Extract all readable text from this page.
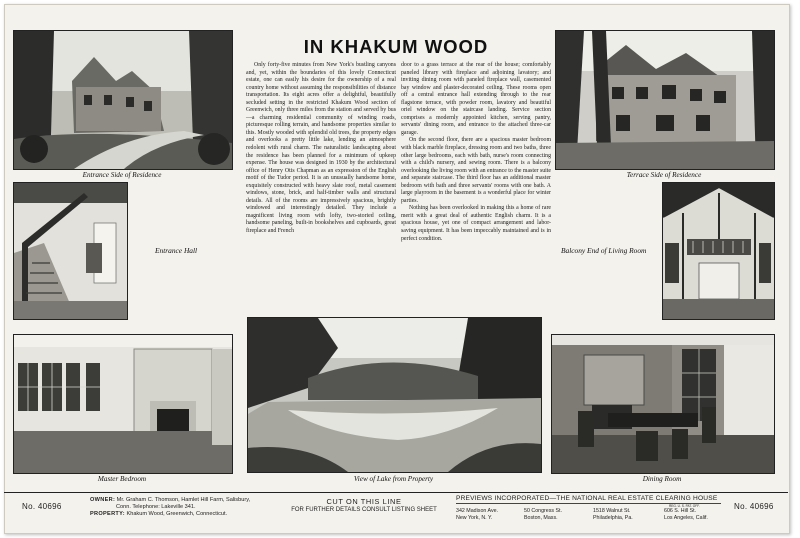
Entrance Side of Residence
Entrance Hall
Master Bedroom
IN KHAKUM WOOD

Only forty-five minutes from New York's bustling canyons and, yet, within the boundaries of this lovely Connecticut estate, one can easily his desire for the ownership of a real country home without assuming the responsibilities of distance transportation. Its eight acres offer a delightful, beautifully secluded setting in the restricted Khakum Wood section of Greenwich, only three miles from the station and served by bus—a charming residential community of winding roads, picturesque rolling terrain, and handsome properties similar to this. Mostly wooded with splendid old trees, the property edges and overlooks a pretty little lake, lending an atmosphere redolent with rural charm. The naturalistic landscaping about the residence has been planned for a minimum of upkeep expense. The house was designed in 1930 by the architectural office of Henry Otis Chapman as an expression of the English motif of the Tudor period. It is an unusually handsome home, exquisitely constructed with heavy slate roof, metal casement windows, stone, brick, and half-timber walls and structural details. All of the rooms are impressively spacious, brightly windowed and interestingly detailed. They include a magnificent living room with lofty, two-storied ceiling, handsome paneling, built-in bookshelves and cupboards, great fireplace and French

door to a grass terrace at the rear of the house; comfortably paneled library with fireplace and adjoining lavatory; and inviting dining room with paneled fireplace wall, casemented bay window and plaster-decorated ceiling. These rooms open off a central entrance hall extending through to the rear flagstone terrace, with powder room, lavatory and beautiful oriel window on the staircase landing. Service section comprises a modernly appointed kitchen, serving pantry, servants' dining room, and entrance to the attached three-car garage.

On the second floor, there are a spacious master bedroom with black marble fireplace, dressing room and two baths, three other large bedrooms, each with bath, nurse's room connecting with a child's nursery, and sewing room. There is a balcony overlooking the living room with an entrance to the master suite and separate staircase. The third floor has an additional master bedroom with bath and three servants' rooms with one bath. A large playroom in the basement is a wonderful place for winter parties.

Nothing has been overlooked in making this a home of rare merit with a great deal of authentic English charm. It is a spacious house, yet one of compact arrangement and labor-saving equipment. It has been impeccably maintained and is in perfect condition.

View of Lake from Property
Terrace Side of Residence
Balcony End of Living Room
Dining Room
No. 40696
OWNER: Mr. Graham C. Thomson, Hamlet Hill Farm, Salisbury,
Conn. Telephone: Lakeville 341.
PROPERTY: Khakum Wood, Greenwich, Connecticut.
CUT ON THIS LINE
FOR FURTHER DETAILS CONSULT LISTING SHEET
PREVIEWS INCORPORATED—THE NATIONAL REAL ESTATE CLEARING HOUSE
REG. U. S. PAT. OFF.
342 Madison Ave.
New York, N. Y.
50 Congress St.
Boston, Mass.
1518 Walnut St.
Philadelphia, Pa.
606 S. Hill St.
Los Angeles, Calif.
No. 40696
